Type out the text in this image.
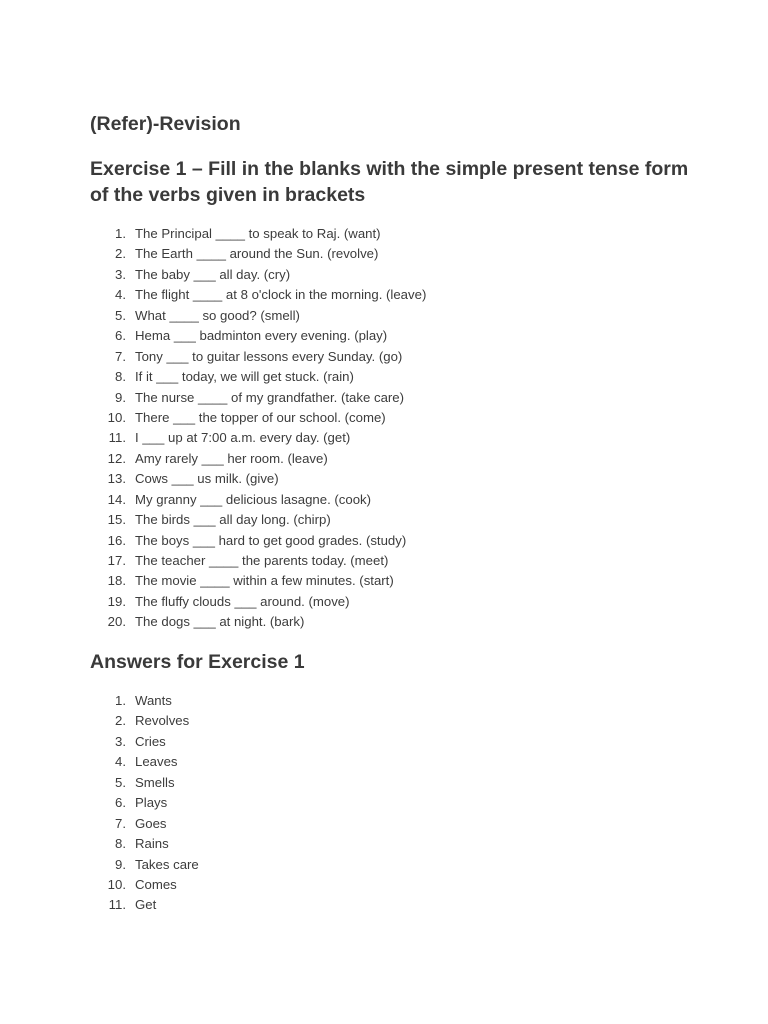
(Refer)-Revision
Exercise 1 – Fill in the blanks with the simple present tense form of the verbs given in brackets
1. The Principal ____ to speak to Raj. (want)
2. The Earth ____ around the Sun. (revolve)
3. The baby ___ all day. (cry)
4. The flight ____ at 8 o'clock in the morning. (leave)
5. What ____ so good? (smell)
6. Hema ___ badminton every evening. (play)
7. Tony ___ to guitar lessons every Sunday. (go)
8. If it ___ today, we will get stuck. (rain)
9. The nurse ____ of my grandfather. (take care)
10. There ___ the topper of our school. (come)
11. I ___ up at 7:00 a.m. every day. (get)
12. Amy rarely ___ her room. (leave)
13. Cows ___ us milk. (give)
14. My granny ___ delicious lasagne. (cook)
15. The birds ___ all day long. (chirp)
16. The boys ___ hard to get good grades. (study)
17. The teacher ____ the parents today. (meet)
18. The movie ____ within a few minutes. (start)
19. The fluffy clouds ___ around. (move)
20. The dogs ___ at night. (bark)
Answers for Exercise 1
1. Wants
2. Revolves
3. Cries
4. Leaves
5. Smells
6. Plays
7. Goes
8. Rains
9. Takes care
10. Comes
11. Get
